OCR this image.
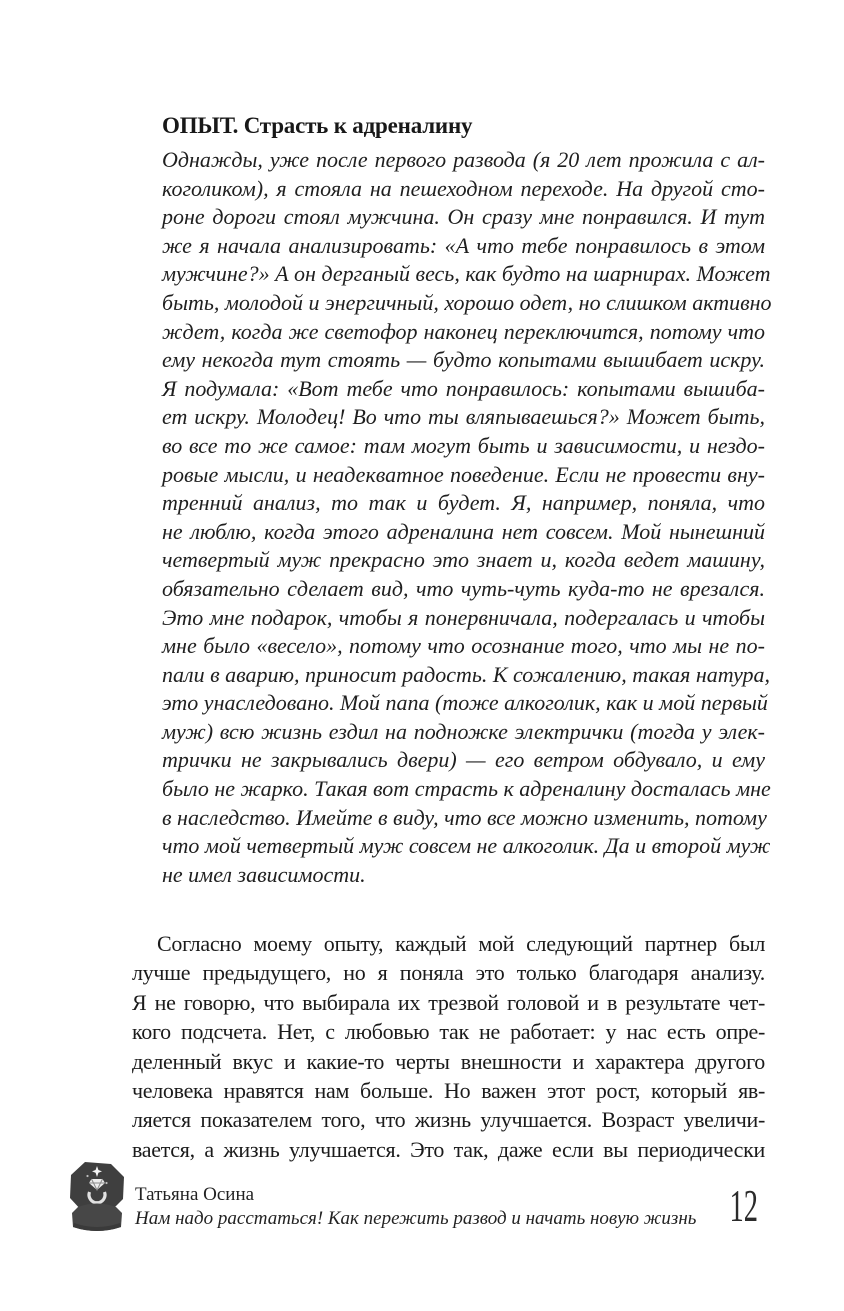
ОПЫТ. Страсть к адреналину
Однажды, уже после первого развода (я 20 лет прожила с ал-
коголиком), я стояла на пешеходном переходе. На другой сто-
роне дороги стоял мужчина. Он сразу мне понравился. И тут
же я начала анализировать: «А что тебе понравилось в этом
мужчине?» А он дерганый весь, как будто на шарнирах. Может
быть, молодой и энергичный, хорошо одет, но слишком активно
ждет, когда же светофор наконец переключится, потому что
ему некогда тут стоять — будто копытами вышибает искру.
Я подумала: «Вот тебе что понравилось: копытами вышиба-
ет искру. Молодец! Во что ты вляпываешься?» Может быть,
во все то же самое: там могут быть и зависимости, и нездо-
ровые мысли, и неадекватное поведение. Если не провести вну-
тренний анализ, то так и будет. Я, например, поняла, что
не люблю, когда этого адреналина нет совсем. Мой нынешний
четвертый муж прекрасно это знает и, когда ведет машину,
обязательно сделает вид, что чуть-чуть куда-то не врезался.
Это мне подарок, чтобы я понервничала, подергалась и чтобы
мне было «весело», потому что осознание того, что мы не по-
пали в аварию, приносит радость. К сожалению, такая натура,
это унаследовано. Мой папа (тоже алкоголик, как и мой первый
муж) всю жизнь ездил на подножке электрички (тогда у элек-
трички не закрывались двери) — его ветром обдувало, и ему
было не жарко. Такая вот страсть к адреналину досталась мне
в наследство. Имейте в виду, что все можно изменить, потому
что мой четвертый муж совсем не алкоголик. Да и второй муж
не имел зависимости.
Согласно моему опыту, каждый мой следующий партнер был
лучше предыдущего, но я поняла это только благодаря анализу.
Я не говорю, что выбирала их трезвой головой и в результате чет-
кого подсчета. Нет, с любовью так не работает: у нас есть опре-
деленный вкус и какие-то черты внешности и характера другого
человека нравятся нам больше. Но важен этот рост, который яв-
ляется показателем того, что жизнь улучшается. Возраст увеличи-
вается, а жизнь улучшается. Это так, даже если вы периодически
Татьяна Осина
Нам надо расстаться! Как пережить развод и начать новую жизнь 12
